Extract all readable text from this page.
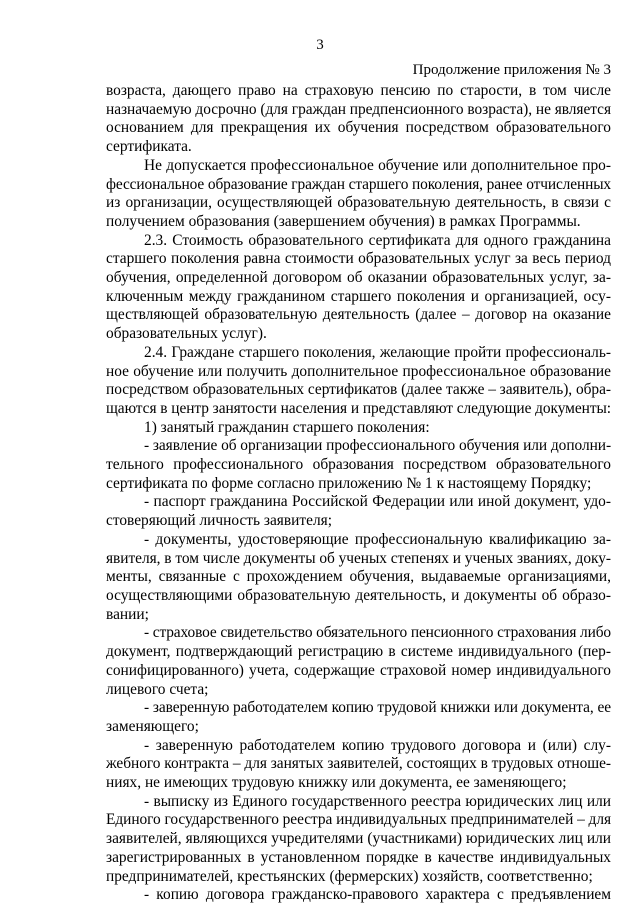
3
Продолжение приложения № 3

возраста, дающего право на страховую пенсию по старости, в том числе

назначаемую досрочно (для граждан предпенсионного возраста), не является

основанием для прекращения их обучения посредством образовательного

сертификата.

Не допускается профессиональное обучение или дополнительное про-

фессиональное образование граждан старшего поколения, ранее отчисленных

из организации, осуществляющей образовательную деятельность, в связи с

получением образования (завершением обучения) в рамках Программы.

2.3. Стоимость образовательного сертификата для одного гражданина

старшего поколения равна стоимости образовательных услуг за весь период

обучения, определенной договором об оказании образовательных услуг, за-

ключенным между гражданином старшего поколения и организацией, осу-

ществляющей образовательную деятельность (далее – договор на оказание

образовательных услуг).

2.4. Граждане старшего поколения, желающие пройти профессиональ-

ное обучение или получить дополнительное профессиональное образование

посредством образовательных сертификатов (далее также – заявитель), обра-

щаются в центр занятости населения и представляют следующие документы:

1) занятый гражданин старшего поколения:

- заявление об организации профессионального обучения или дополни-

тельного профессионального образования посредством образовательного

сертификата по форме согласно приложению № 1 к настоящему Порядку;

- паспорт гражданина Российской Федерации или иной документ, удо-

стоверяющий личность заявителя;

- документы, удостоверяющие профессиональную квалификацию за-

явителя, в том числе документы об ученых степенях и ученых званиях, доку-

менты, связанные с прохождением обучения, выдаваемые организациями,

осуществляющими образовательную деятельность, и документы об образо-

вании;

- страховое свидетельство обязательного пенсионного страхования либо

документ, подтверждающий регистрацию в системе индивидуального (пер-

сонифицированного) учета, содержащие страховой номер индивидуального

лицевого счета;

- заверенную работодателем копию трудовой книжки или документа, ее

заменяющего;

- заверенную работодателем копию трудового договора и (или) слу-

жебного контракта – для занятых заявителей, состоящих в трудовых отноше-

ниях, не имеющих трудовую книжку или документа, ее заменяющего;

- выписку из Единого государственного реестра юридических лиц или

Единого государственного реестра индивидуальных предпринимателей – для

заявителей, являющихся учредителями (участниками) юридических лиц или

зарегистрированных в установленном порядке в качестве индивидуальных

предпринимателей, крестьянских (фермерских) хозяйств, соответственно;

- копию договора гражданско-правового характера с предъявлением
